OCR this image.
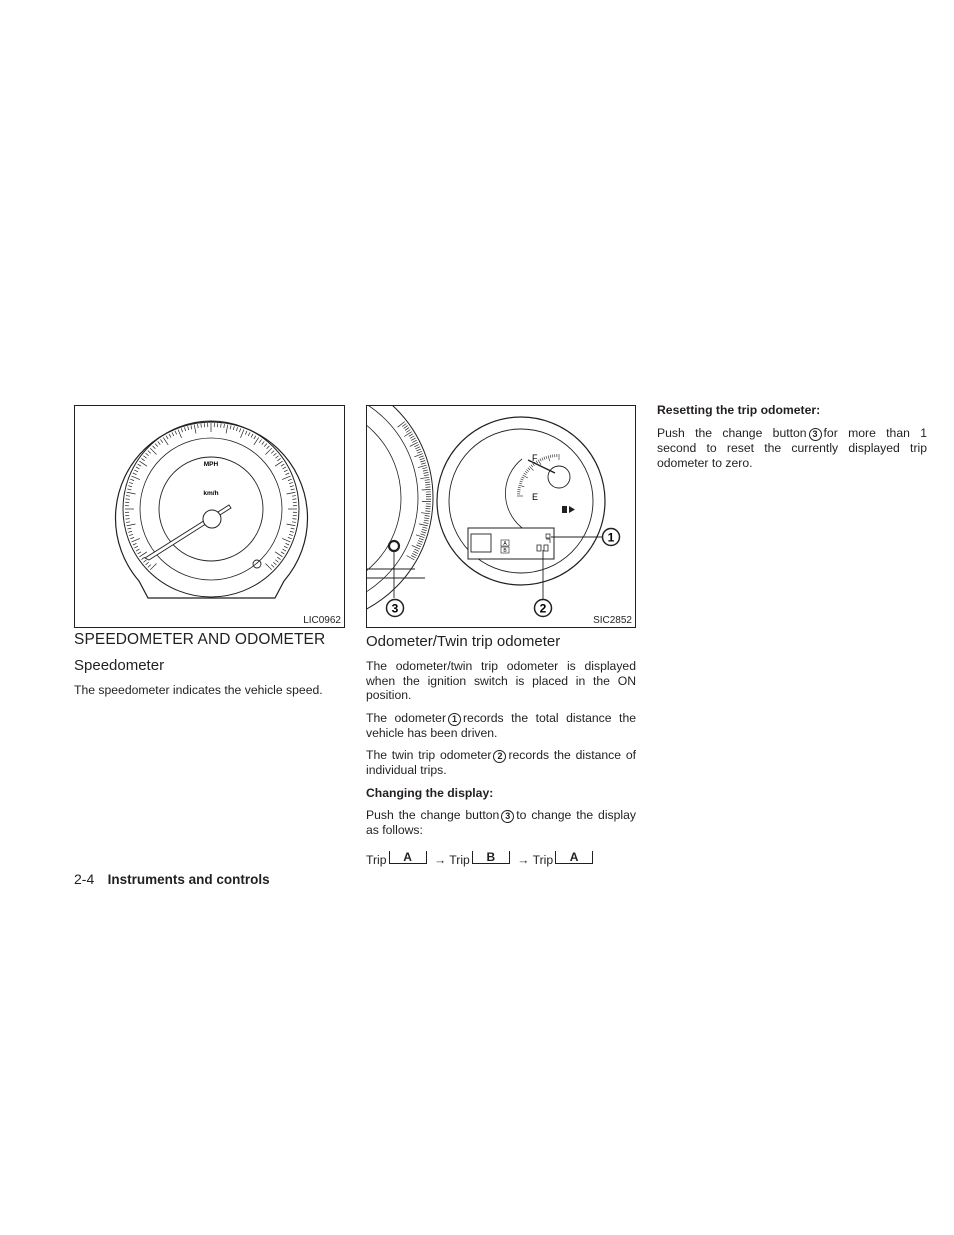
MPH
km/h
LIC0962
F
E
A
B
1
2
3
SIC2852
SPEEDOMETER AND ODOMETER
Speedometer
The speedometer indicates the vehicle speed.
Odometer/Twin trip odometer
The odometer/twin trip odometer is displayed when the ignition switch is placed in the ON position.
The odometer 1 records the total distance the vehicle has been driven.
The twin trip odometer 2 records the distance of individual trips.
Changing the display:
Push the change button 3 to change the display as follows:
Trip A → Trip B → Trip A
Resetting the trip odometer:
Push the change button 3 for more than 1 second to reset the currently displayed trip odometer to zero.
2-4 Instruments and controls
